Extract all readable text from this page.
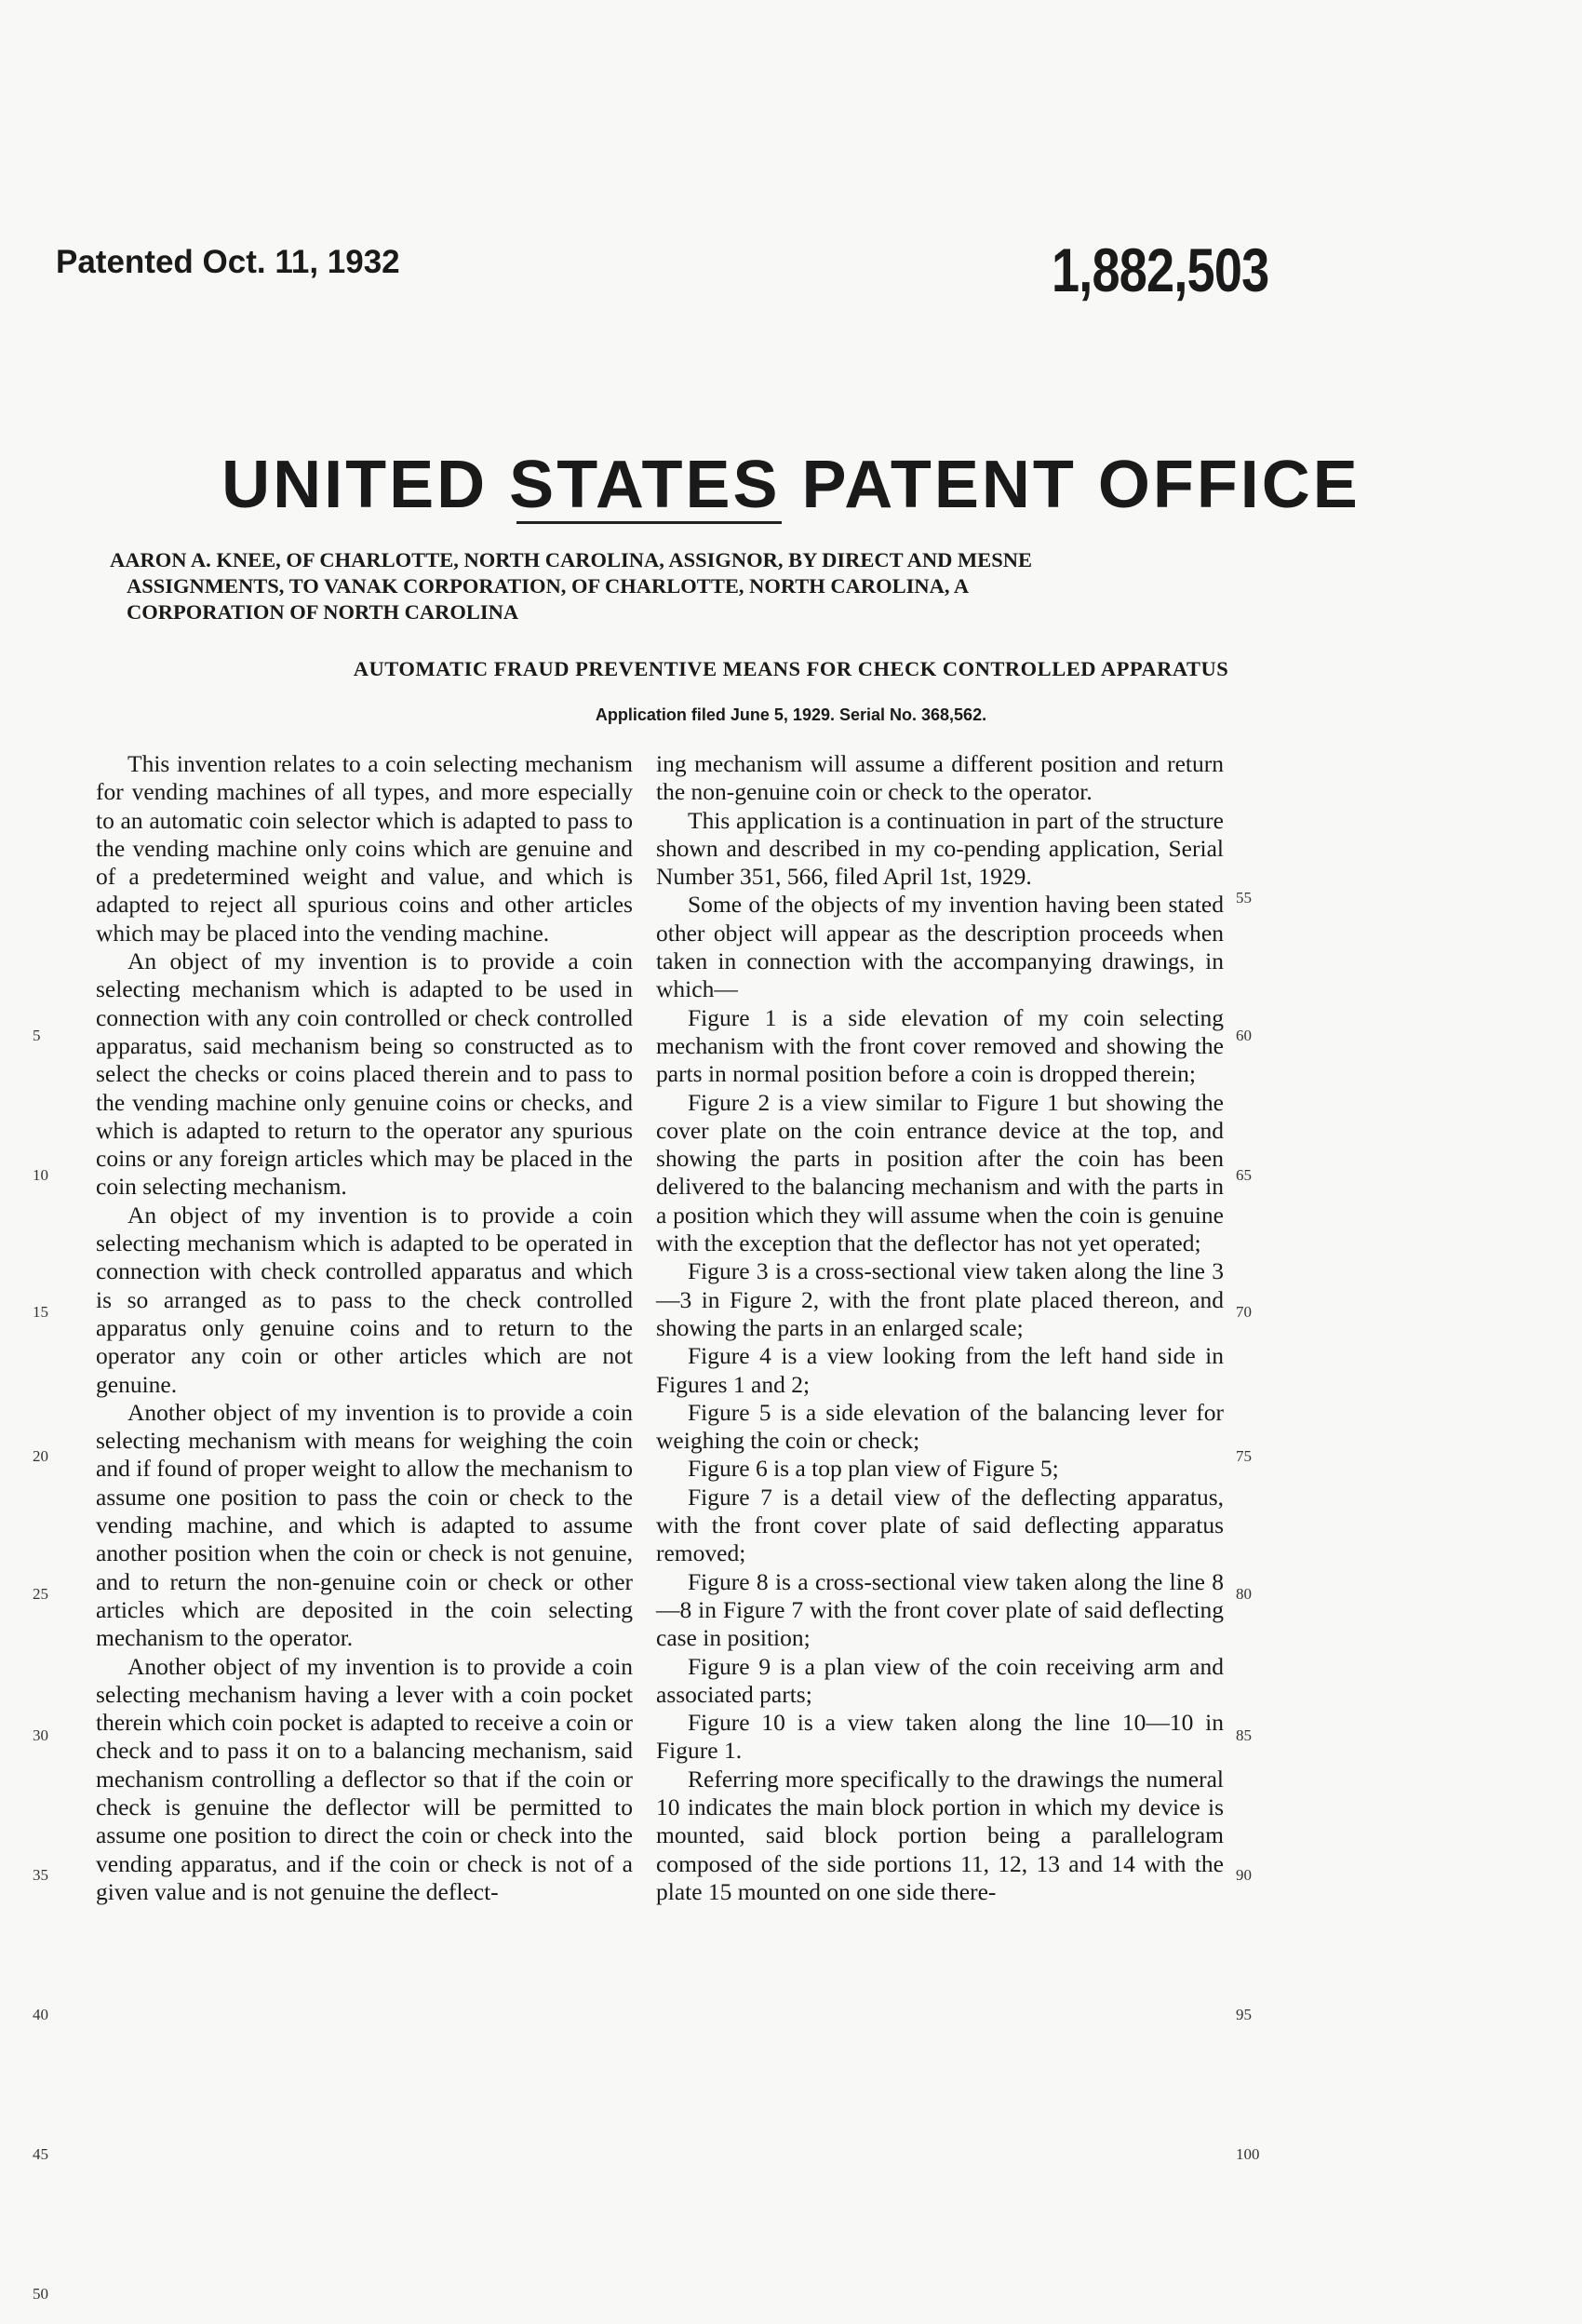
Patented Oct. 11, 1932	1,882,503
UNITED STATES PATENT OFFICE
AARON A. KNEE, OF CHARLOTTE, NORTH CAROLINA, ASSIGNOR, BY DIRECT AND MESNE
ASSIGNMENTS, TO VANAK CORPORATION, OF CHARLOTTE, NORTH CAROLINA, A
CORPORATION OF NORTH CAROLINA
AUTOMATIC FRAUD PREVENTIVE MEANS FOR CHECK CONTROLLED APPARATUS
Application filed June 5, 1929. Serial No. 368,562.

This invention relates to a coin selecting mechanism for vending machines of all types, and more especially to an automatic coin selector which is adapted to pass to the vending machine only coins which are genuine and of a predetermined weight and value, and which is adapted to reject all spurious coins and other articles which may be placed into the vending machine.

An object of my invention is to provide a coin selecting mechanism which is adapted to be used in connection with any coin controlled or check controlled apparatus, said mechanism being so constructed as to select the checks or coins placed therein and to pass to the vending machine only genuine coins or checks, and which is adapted to return to the operator any spurious coins or any foreign articles which may be placed in the coin selecting mechanism.

An object of my invention is to provide a coin selecting mechanism which is adapted to be operated in connection with check controlled apparatus and which is so arranged as to pass to the check controlled apparatus only genuine coins and to return to the operator any coin or other articles which are not genuine.

Another object of my invention is to provide a coin selecting mechanism with means for weighing the coin and if found of proper weight to allow the mechanism to assume one position to pass the coin or check to the vending machine, and which is adapted to assume another position when the coin or check is not genuine, and to return the non-genuine coin or check or other articles which are deposited in the coin selecting mechanism to the operator.

Another object of my invention is to provide a coin selecting mechanism having a lever with a coin pocket therein which coin pocket is adapted to receive a coin or check and to pass it on to a balancing mechanism, said mechanism controlling a deflector so that if the coin or check is genuine the deflector will be permitted to assume one position to direct the coin or check into the vending apparatus, and if the coin or check is not of a given value and is not genuine the deflect-

ing mechanism will assume a different position and return the non-genuine coin or check to the operator.

This application is a continuation in part of the structure shown and described in my co-pending application, Serial Number 351, 566, filed April 1st, 1929.

Some of the objects of my invention having been stated other object will appear as the description proceeds when taken in connection with the accompanying drawings, in which—

Figure 1 is a side elevation of my coin selecting mechanism with the front cover removed and showing the parts in normal position before a coin is dropped therein;

Figure 2 is a view similar to Figure 1 but showing the cover plate on the coin entrance device at the top, and showing the parts in position after the coin has been delivered to the balancing mechanism and with the parts in a position which they will assume when the coin is genuine with the exception that the deflector has not yet operated;

Figure 3 is a cross-sectional view taken along the line 3—3 in Figure 2, with the front plate placed thereon, and showing the parts in an enlarged scale;

Figure 4 is a view looking from the left hand side in Figures 1 and 2;

Figure 5 is a side elevation of the balancing lever for weighing the coin or check;

Figure 6 is a top plan view of Figure 5;

Figure 7 is a detail view of the deflecting apparatus, with the front cover plate of said deflecting apparatus removed;

Figure 8 is a cross-sectional view taken along the line 8—8 in Figure 7 with the front cover plate of said deflecting case in position;

Figure 9 is a plan view of the coin receiving arm and associated parts;

Figure 10 is a view taken along the line 10—10 in Figure 1.

Referring more specifically to the drawings the numeral 10 indicates the main block portion in which my device is mounted, said block portion being a parallelogram composed of the side portions 11, 12, 13 and 14 with the plate 15 mounted on one side there-

5
10
15
20
25
30
35
40
45
50
55
60
65
70
75
80
85
90
95
100
